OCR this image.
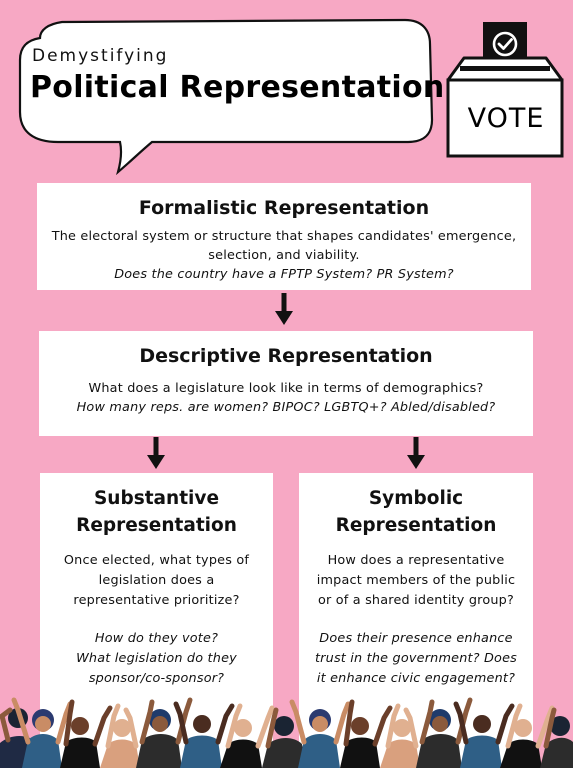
Demystifying
Political Representation
VOTE
Formalistic Representation

The electoral system or structure that shapes candidates' emergence,

selection, and viability.

Does the country have a FPTP System? PR System?

Descriptive Representation

What does a legislature look like in terms of demographics?

How many reps. are women? BIPOC? LGBTQ+? Abled/disabled?

Substantive
Representation

Once elected, what types of

legislation does a

representative prioritize?

How do they vote?

What legislation do they

sponsor/co-sponsor?

Symbolic
Representation

How does a representative

impact members of the public

or of a shared identity group?

Does their presence enhance

trust in the government? Does

it enhance civic engagement?
